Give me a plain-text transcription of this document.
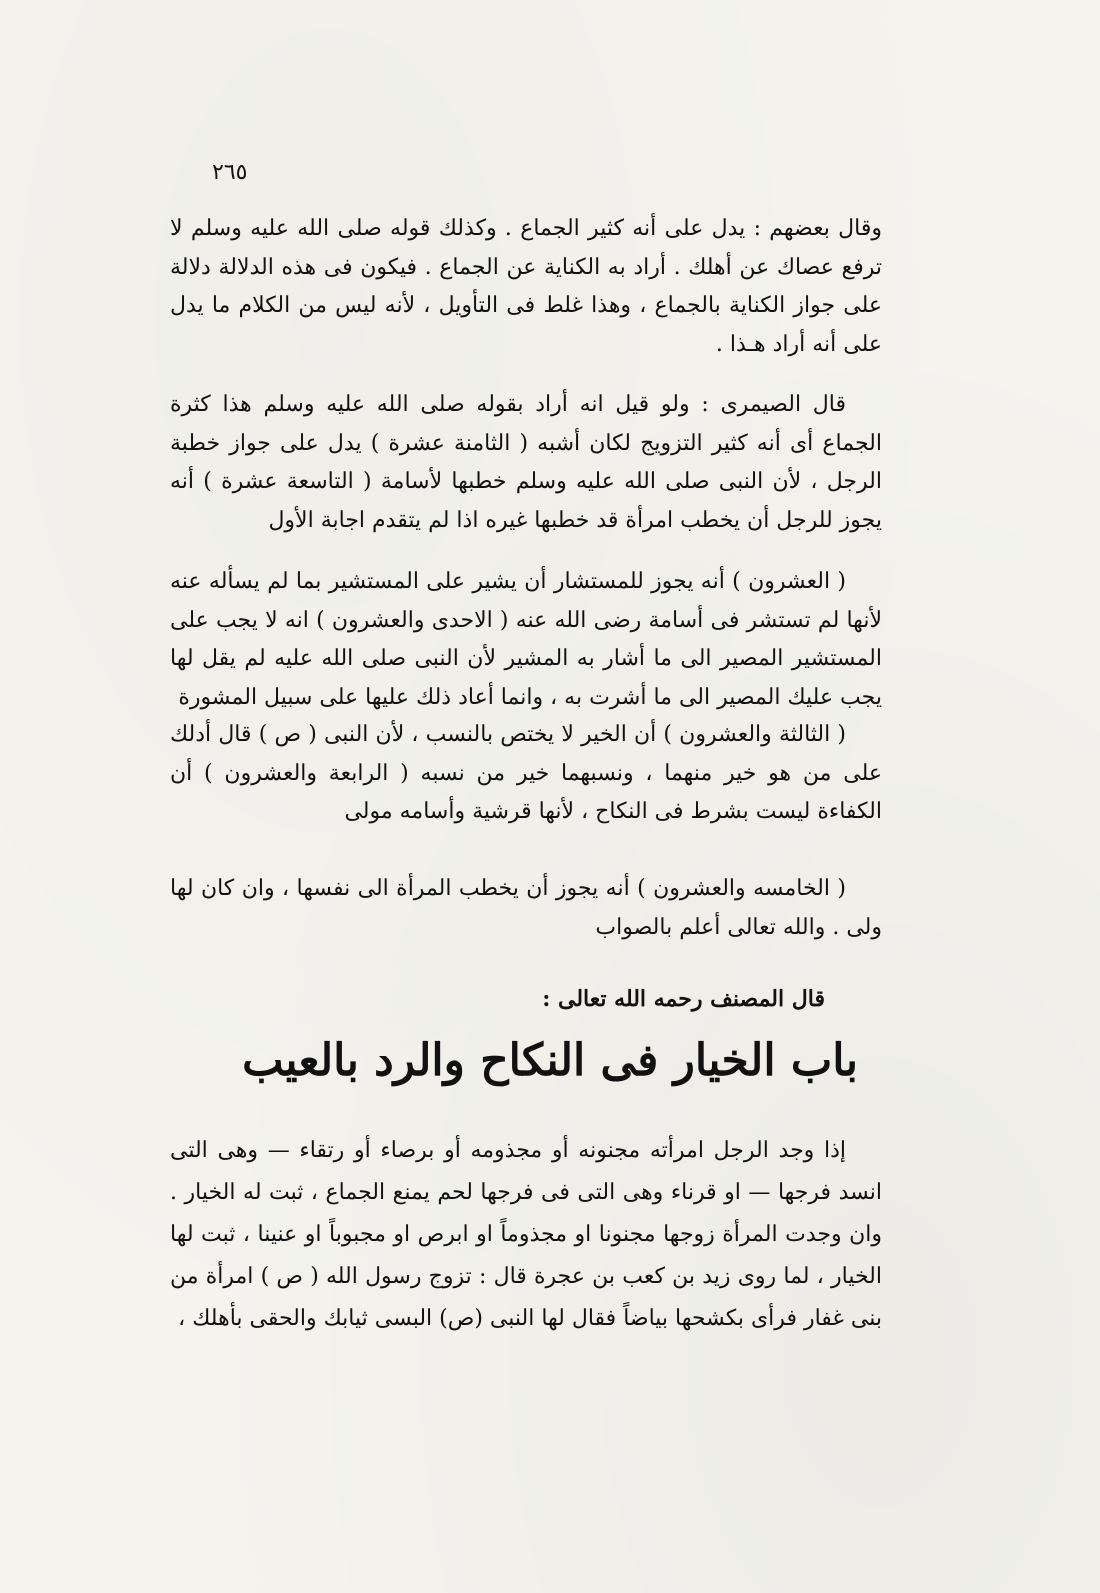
٢٦٥

وقال بعضهم : يدل على أنه كثير الجماع . وكذلك قوله صلى الله عليه وسلم لا ترفع عصاك عن أهلك . أراد به الكناية عن الجماع . فيكون فى هذه الدلالة دلالة على جواز الكناية بالجماع ، وهذا غلط فى التأويل ، لأنه ليس من الكلام ما يدل على أنه أراد هـذا .

قال الصيمرى : ولو قيل انه أراد بقوله صلى الله عليه وسلم هذا كثرة الجماع أى أنه كثير التزويج لكان أشبه ( الثامنة عشرة ) يدل على جواز خطبة الرجل ، لأن النبى صلى الله عليه وسلم خطبها لأسامة ( التاسعة عشرة ) أنه يجوز للرجل أن يخطب امرأة قد خطبها غيره اذا لم يتقدم اجابة الأول

( العشرون ) أنه يجوز للمستشار أن يشير على المستشير بما لم يسأله عنه لأنها لم تستشر فى أسامة رضى الله عنه ( الاحدى والعشرون ) انه لا يجب على المستشير المصير الى ما أشار به المشير لأن النبى صلى الله عليه لم يقل لها يجب عليك المصير الى ما أشرت به ، وانما أعاد ذلك عليها على سبيل المشورة

( الثالثة والعشرون ) أن الخير لا يختص بالنسب ، لأن النبى ( ص ) قال أدلك على من هو خير منهما ، ونسبهما خير من نسبه ( الرابعة والعشرون ) أن الكفاءة ليست بشرط فى النكاح ، لأنها قرشية وأسامه مولى

( الخامسه والعشرون ) أنه يجوز أن يخطب المرأة الى نفسها ، وان كان لها ولى . والله تعالى أعلم بالصواب

قال المصنف رحمه الله تعالى :
باب الخيار فى النكاح والرد بالعيب

إذا وجد الرجل امرأته مجنونه أو مجذومه أو برصاء أو رتقاء — وهى التى انسد فرجها — او قرناء وهى التى فى فرجها لحم يمنع الجماع ، ثبت له الخيار . وان وجدت المرأة زوجها مجنونا او مجذوماً او ابرص او مجبوباً او عنينا ، ثبت لها الخيار ، لما روى زيد بن كعب بن عجرة قال : تزوج رسول الله ( ص ) امرأة من بنى غفار فرأى بكشحها بياضاً فقال لها النبى (ص) البسى ثيابك والحقى بأهلك ،
